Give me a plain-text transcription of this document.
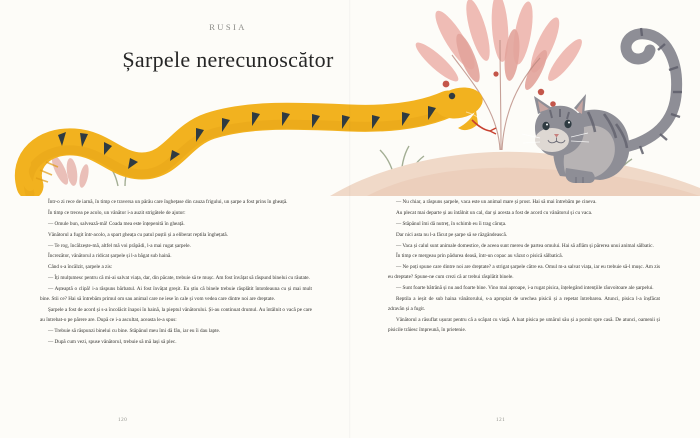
RUSIA
Șarpele nerecunoscător

Într-o zi rece de iarnă, în timp ce traversa un pârâu care înghețase din cauza frigului, un șarpe a fost prins în gheață.

În timp ce trecea pe acolo, un vânător i-a auzit strigătele de ajutor:

— Omule bun, salvează-mă! Coada mea este înțepenită în gheață.

Vânătorul a fugit într-acolo, a spart gheața cu patul puștii și a eliberat reptila înghețată.

— Te rog, încălzește-mă, altfel mă voi prăpădi, l-a mai rugat șarpele.

Încrezător, vânătorul a ridicat șarpele și l-a băgat sub haină.

Când s-a încălzit, șarpele a zis:

— Îți mulțumesc pentru că mi-ai salvat viața, dar, din păcate, trebuie să te mușc. Am fost învățat să răspund binelui cu răutate.

— Așteaptă o clipă! i-a răspuns bărbatul. Ai fost învățat greșit. Eu știu că binele trebuie răsplătit întotdeauna cu și mai mult bine. Stii ce? Hai să întrebăm primul om sau animal care ne iese în cale și vom vedea care dintre noi are dreptate.

Șarpele a fost de acord și s-a încolăcit înapoi în haină, la pieptul vânătorului. Și-au continuat drumul. Au întâlnit o vacă pe care au întrebat-o pe părere are. După ce i-a ascultat, aceasta le-a spus:

— Trebuie să răspunzi binelui cu bine. Stăpânul meu îmi dă fân, iar eu îi dau lapte.

— După cum vezi, spuse vânătorul, trebuie să mă lași să plec.

— Nu chiar, a răspuns șarpele, vaca este un animal mare și prost. Hai să mai întrebăm pe cineva.

Au plecat mai departe și au întâlnit un cal, dar și acesta a fost de acord cu vânătorul și cu vaca.

— Stăpânul îmi dă nutreț, în schimb eu îi trag căruța.

Dar nici asta nu l-a făcut pe șarpe să se răzgândească.

— Vaca și calul sunt animale domestice, de aceea sunt mereu de partea omului. Hai să aflăm și părerea unui animal sălbatic.

În timp ce mergeau prin pădurea deasă, într-un copac au văzut o pisică sălbatică.

— Ne poți spune care dintre noi are dreptate? a strigat șarpele către ea. Omul m-a salvat viața, iar eu trebuie să-l mușc. Am zis eu dreptate? Spune-ne cum crezi că ar trebui răsplătit binele.

— Sunt foarte bătrână și nu aud foarte bine. Vino mai aproape, i-a rugat pisica, înțelegând intențiile răuvoitoare ale șarpelui.

Reptila a ieșit de sub haina vânătorului, s-a apropiat de urechea pisicii și a repetat întrebarea. Atunci, pisica l-a înșfăcat zdravăn și a fugit.

Vânătorul a răsuflat ușurat pentru că a scăpat cu viață. A luat pisica pe umărul său și a pornit spre casă. De atunci, oamenii și pisicile trăiesc împreună, în prietenie.

120	121
